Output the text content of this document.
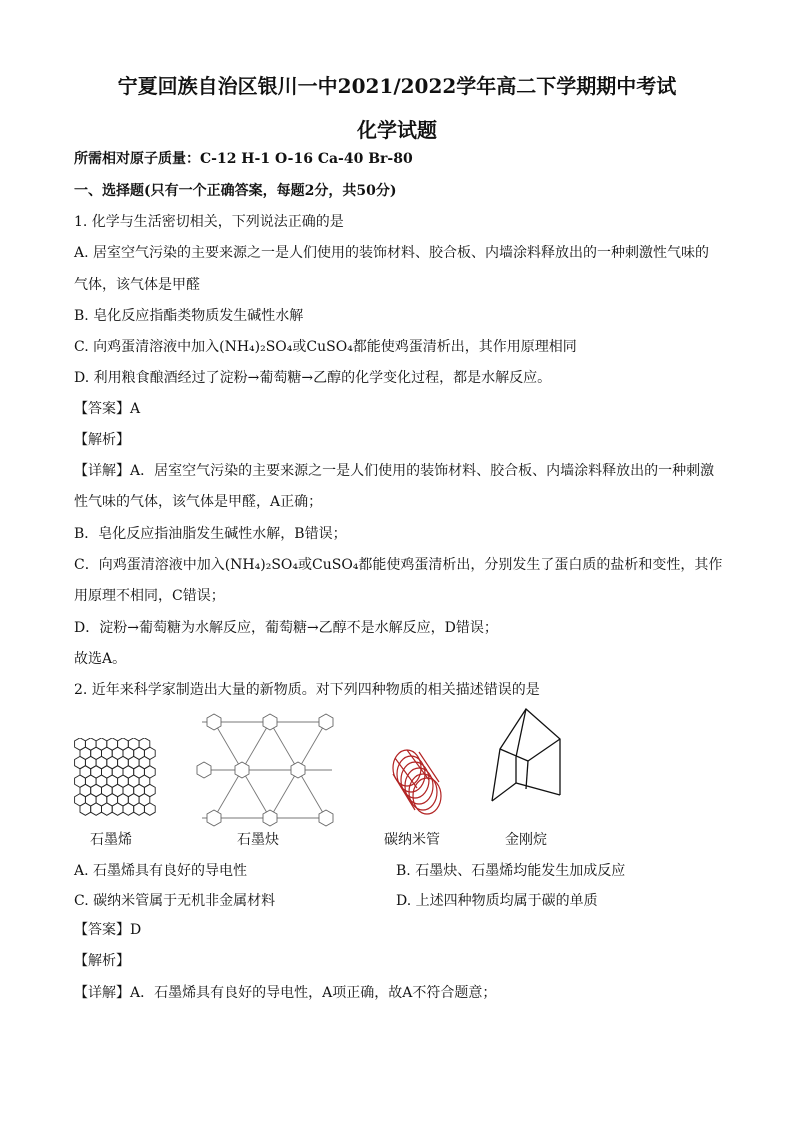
宁夏回族自治区银川一中2021/2022学年高二下学期期中考试
化学试题
所需相对原子质量：C-12 H-1 O-16 Ca-40 Br-80
一、选择题(只有一个正确答案，每题2分，共50分)
1. 化学与生活密切相关，下列说法正确的是
A. 居室空气污染的主要来源之一是人们使用的装饰材料、胶合板、内墙涂料释放出的一种刺激性气味的
气体，该气体是甲醛
B. 皂化反应指酯类物质发生碱性水解
C. 向鸡蛋清溶液中加入(NH₄)₂SO₄或CuSO₄都能使鸡蛋清析出，其作用原理相同
D. 利用粮食酿酒经过了淀粉→葡萄糖→乙醇的化学变化过程，都是水解反应。
【答案】A
【解析】
【详解】A．居室空气污染的主要来源之一是人们使用的装饰材料、胶合板、内墙涂料释放出的一种刺激
性气味的气体，该气体是甲醛，A正确；
B．皂化反应指油脂发生碱性水解，B错误；
C．向鸡蛋清溶液中加入(NH₄)₂SO₄或CuSO₄都能使鸡蛋清析出，分别发生了蛋白质的盐析和变性，其作
用原理不相同，C错误；
D．淀粉→葡萄糖为水解反应，葡萄糖→乙醇不是水解反应，D错误；
故选A。
2. 近年来科学家制造出大量的新物质。对下列四种物质的相关描述错误的是
石墨烯	石墨炔	碳纳米管	金刚烷
A. 石墨烯具有良好的导电性	B. 石墨炔、石墨烯均能发生加成反应
C. 碳纳米管属于无机非金属材料	D. 上述四种物质均属于碳的单质
【答案】D
【解析】
【详解】A．石墨烯具有良好的导电性，A项正确，故A不符合题意；
